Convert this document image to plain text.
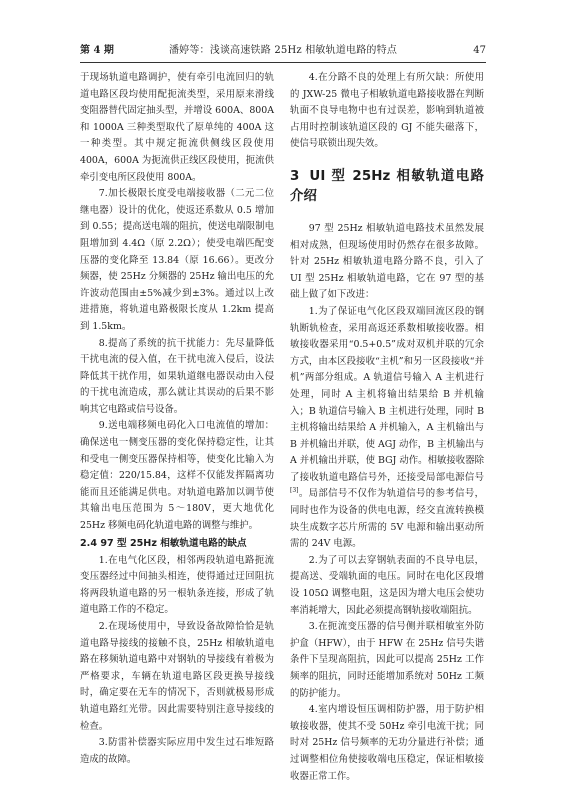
第 4 期	潘婷等：浅谈高速铁路 25Hz 相敏轨道电路的特点	47

于现场轨道电路调护，使有牵引电流回归的轨道电路区段均使用配扼流类型，采用原来滑线变阻器替代固定抽头型，并增设 600A、800A 和 1000A 三种类型取代了原单纯的 400A 这一种类型。其中规定扼流供侧线区段使用 400A，600A 为扼流供正线区段使用，扼流供牵引变电所区段使用 800A。

7.加长极限长度受电端接收器（二元二位继电器）设计的优化，使返还系数从 0.5 增加到 0.55；提高送电端的阻抗，使送电端限制电阻增加到 4.4Ω（原 2.2Ω）；使受电端匹配变压器的变化降至 13.84（原 16.66）。更改分频器，使 25Hz 分频器的 25Hz 输出电压的允许波动范围由±5%减少到±3%。通过以上改进措施，将轨道电路极限长度从 1.2km 提高到 1.5km。

8.提高了系统的抗干扰能力：先尽量降低干扰电流的侵入值，在干扰电流入侵后，设法降低其干扰作用，如果轨道继电器误动由入侵的干扰电流造成，那么就让其误动的后果不影响其它电路或信号设备。

9.送电端移频电码化入口电流值的增加：确保送电一侧变压器的变化保持稳定性，让其和受电一侧变压器保持相等，使变化比输入为稳定值：220/15.84，这样不仅能发挥隔离功能而且还能满足供电。对轨道电路加以调节使其输出电压范围为 5～180V，更大地优化 25Hz 移频电码化轨道电路的调整与维护。

2.4 97 型 25Hz 相敏轨道电路的缺点

1.在电气化区段，相邻两段轨道电路扼流变压器经过中间抽头相连，使得通过迂回阻抗将两段轨道电路的另一根轨条连接，形成了轨道电路工作的不稳定。

2.在现场使用中，导致设备故障恰恰是轨道电路导接线的接触不良，25Hz 相敏轨道电路在移频轨道电路中对钢轨的导接线有着极为严格要求，车辆在轨道电路区段更换导接线时，确定要在无车的情况下，否则就极易形成轨道电路红光带。因此需要特别注意导接线的检查。

3.防雷补偿器实际应用中发生过石堆短路造成的故障。

4.在分路不良的处理上有所欠缺：所使用的 JXW-25 微电子相敏轨道电路接收器在判断轨面不良导电物中也有过误差，影响到轨道被占用时控制该轨道区段的 GJ 不能失磁落下，使信号联锁出现失效。

3 UI 型 25Hz 相敏轨道电路介绍

97 型 25Hz 相敏轨道电路技术虽然发展相对成熟，但现场使用时仍然存在很多故障。针对 25Hz 相敏轨道电路分路不良，引入了 UI 型 25Hz 相敏轨道电路，它在 97 型的基础上做了如下改进：

1.为了保证电气化区段双端回流区段的钢轨断轨检查，采用高返还系数相敏接收器。相敏接收器采用“0.5+0.5”成对双机并联的冗余方式，由本区段接收“主机”和另一区段接收“并机”两部分组成。A 轨道信号输入 A 主机进行处理，同时 A 主机将输出结果给 B 并机输入；B 轨道信号输入 B 主机进行处理，同时 B 主机将输出结果给 A 并机输入，A 主机输出与 B 并机输出并联，使 AGJ 动作，B 主机输出与 A 并机输出并联，使 BGJ 动作。相敏接收器除了接收轨道电路信号外，还接受局部电源信号[3]。局部信号不仅作为轨道信号的参考信号，同时也作为设备的供电电源，经交直流转换模块生成数字芯片所需的 5V 电源和输出驱动所需的 24V 电源。

2.为了可以去穿钢轨表面的不良导电层，提高送、受端轨面的电压。同时在电化区段增设 105Ω 调整电阻，这是因为增大电压会使功率消耗增大，因此必须提高钢轨接收端阻抗。

3.在扼流变压器的信号侧并联相敏室外防护盒（HFW），由于 HFW 在 25Hz 信号失谐条件下呈现高阻抗，因此可以提高 25Hz 工作频率的阻抗，同时还能增加系统对 50Hz 工频的防护能力。

4.室内增设恒压调相防护器，用于防护相敏接收器，使其不受 50Hz 牵引电流干扰；同时对 25Hz 信号频率的无功分量进行补偿；通过调整相位角使接收端电压稳定，保证相敏接收器正常工作。
